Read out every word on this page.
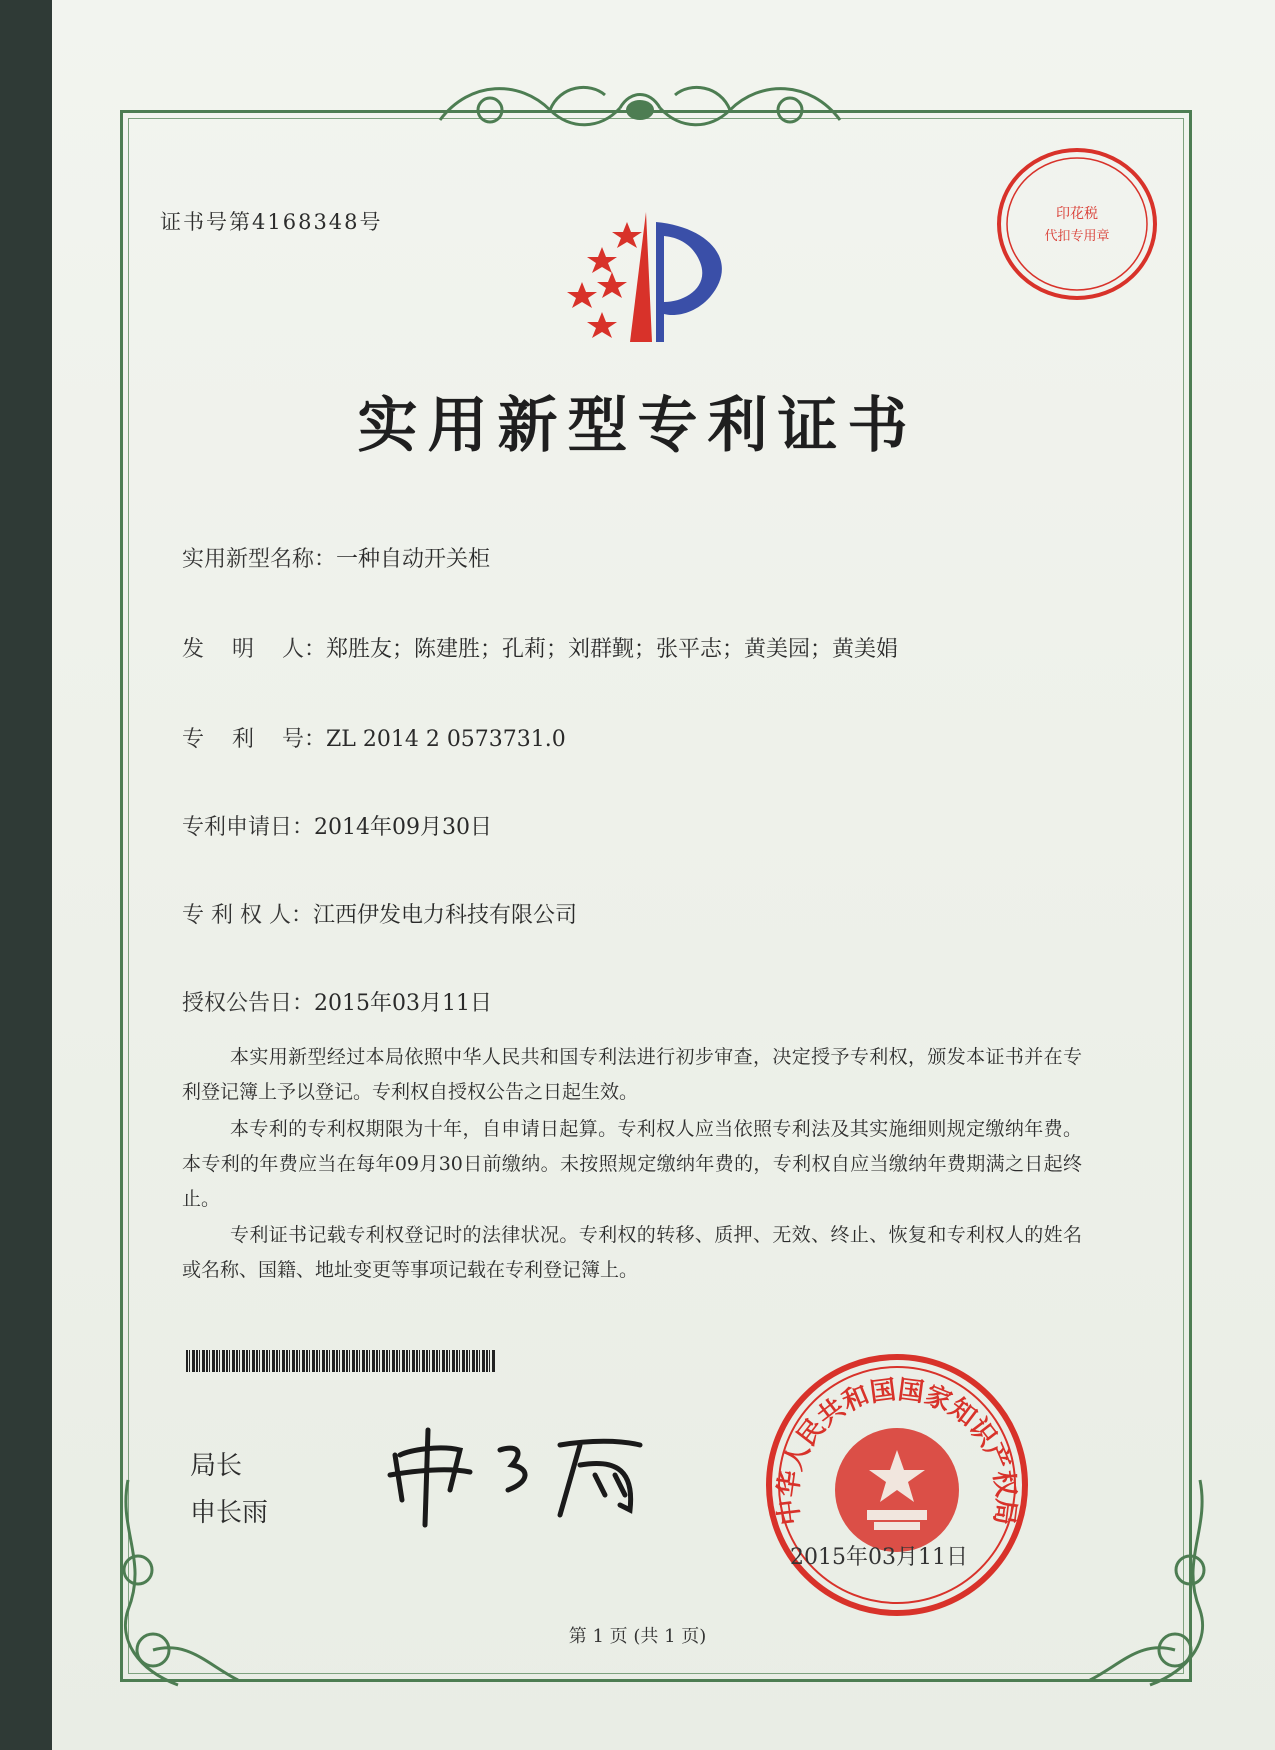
证书号第4168348号	印花税
代扣专用章
实用新型专利证书
实用新型名称：一种自动开关柜
发    明    人：郑胜友；陈建胜；孔莉；刘群觐；张平志；黄美园；黄美娟
专    利    号：ZL 2014 2 0573731.0
专利申请日：2014年09月30日
专 利 权 人：江西伊发电力科技有限公司
授权公告日：2015年03月11日
本实用新型经过本局依照中华人民共和国专利法进行初步审查，决定授予专利权，颁发本证书并在专利登记簿上予以登记。专利权自授权公告之日起生效。
本专利的专利权期限为十年，自申请日起算。专利权人应当依照专利法及其实施细则规定缴纳年费。本专利的年费应当在每年09月30日前缴纳。未按照规定缴纳年费的，专利权自应当缴纳年费期满之日起终止。
专利证书记载专利权登记时的法律状况。专利权的转移、质押、无效、终止、恢复和专利权人的姓名或名称、国籍、地址变更等事项记载在专利登记簿上。
局长
申长雨	中华人民共和国国家知识产权局
2015年03月11日
第 1 页 (共 1 页)
